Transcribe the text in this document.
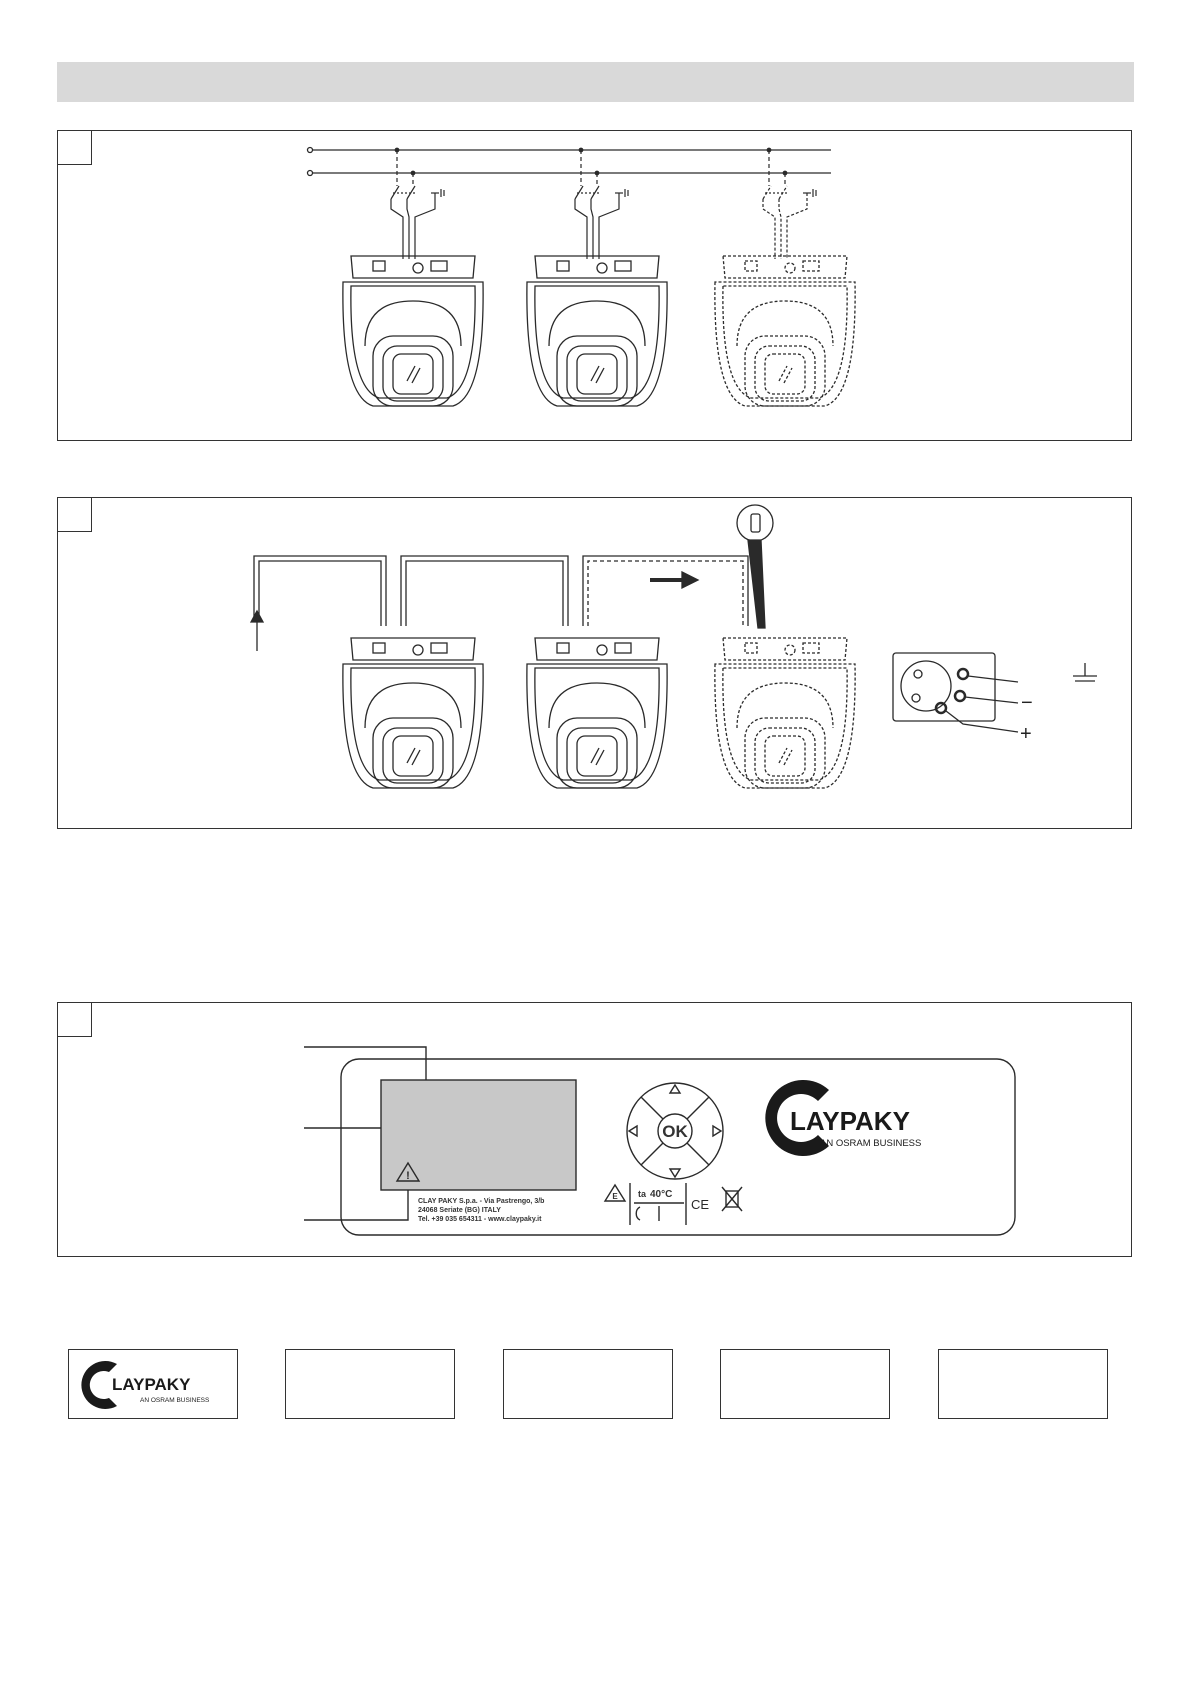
−
+
!
OK
CLAY PAKY S.p.a. - Via Pastrengo, 3/b
24068 Seriate (BG) ITALY
Tel. +39 035 654311 - www.claypaky.it
E ta 40°C
CE
LAYPAKY
AN OSRAM BUSINESS
LAYPAKY
AN OSRAM BUSINESS
